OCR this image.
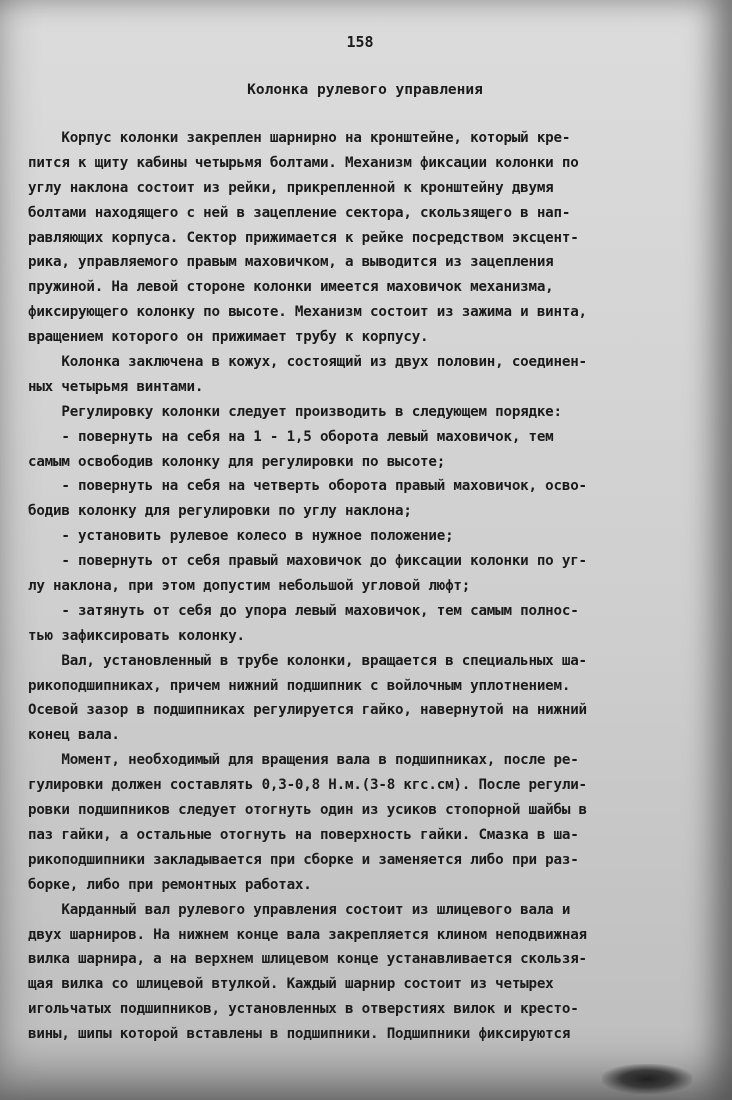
158
Колонка рулевого управления
Корпус колонки закреплен шарнирно на кронштейне, который кре-
пится к щиту кабины четырьмя болтами. Механизм фиксации колонки по
углу наклона состоит из рейки, прикрепленной к кронштейну двумя
болтами находящего с ней в зацепление сектора, скользящего в нап-
равляющих корпуса. Сектор прижимается к рейке посредством эксцент-
рика, управляемого правым маховичком, а выводится из зацепления
пружиной. На левой стороне колонки имеется маховичок механизма,
фиксирующего колонку по высоте. Механизм состоит из зажима и винта,
вращением которого он прижимает трубу к корпусу.
Колонка заключена в кожух, состоящий из двух половин, соединен-
ных четырьмя винтами.
Регулировку колонки следует производить в следующем порядке:
- повернуть на себя на 1 - 1,5 оборота левый маховичок, тем
самым освободив колонку для регулировки по высоте;
- повернуть на себя на четверть оборота правый маховичок, осво-
бодив колонку для регулировки по углу наклона;
- установить рулевое колесо в нужное положение;
- повернуть от себя правый маховичок до фиксации колонки по уг-
лу наклона, при этом допустим небольшой угловой люфт;
- затянуть от себя до упора левый маховичок, тем самым полнос-
тью зафиксировать колонку.
Вал, установленный в трубе колонки, вращается в специальных ша-
рикоподшипниках, причем нижний подшипник с войлочным уплотнением.
Осевой зазор в подшипниках регулируется гайко, навернутой на нижний
конец вала.
Момент, необходимый для вращения вала в подшипниках, после ре-
гулировки должен составлять 0,3-0,8 Н.м.(3-8 кгс.см). После регули-
ровки подшипников следует отогнуть один из усиков стопорной шайбы в
паз гайки, а остальные отогнуть на поверхность гайки. Смазка в ша-
рикоподшипники закладывается при сборке и заменяется либо при раз-
борке, либо при ремонтных работах.
Карданный вал рулевого управления состоит из шлицевого вала и
двух шарниров. На нижнем конце вала закрепляется клином неподвижная
вилка шарнира, а на верхнем шлицевом конце устанавливается скользя-
щая вилка со шлицевой втулкой. Каждый шарнир состоит из четырех
игольчатых подшипников, установленных в отверстиях вилок и кресто-
вины, шипы которой вставлены в подшипники. Подшипники фиксируются
